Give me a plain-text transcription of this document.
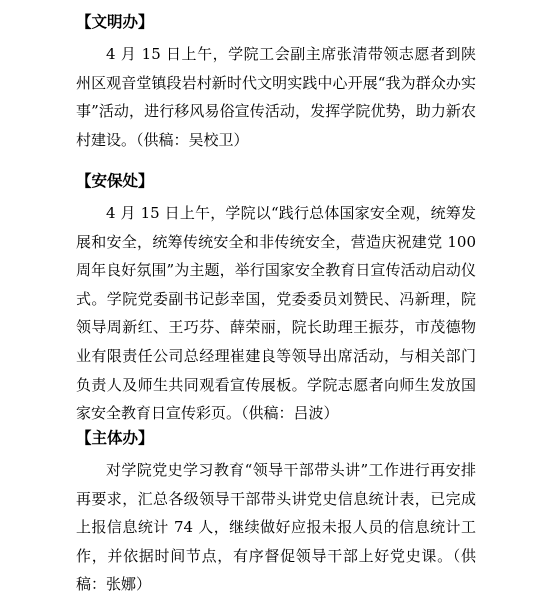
【文明办】

4 月 15 日上午，学院工会副主席张清带领志愿者到陕州区观音堂镇段岩村新时代文明实践中心开展“我为群众办实事”活动，进行移风易俗宣传活动，发挥学院优势，助力新农村建设。（供稿：吴校卫）

【安保处】

4 月 15 日上午，学院以“践行总体国家安全观，统筹发展和安全，统筹传统安全和非传统安全，营造庆祝建党 100 周年良好氛围”为主题，举行国家安全教育日宣传活动启动仪式。学院党委副书记彭幸国，党委委员刘赞民、冯新理，院领导周新红、王巧芬、薛荣丽，院长助理王振芬，市茂德物业有限责任公司总经理崔建良等领导出席活动，与相关部门负责人及师生共同观看宣传展板。学院志愿者向师生发放国家安全教育日宣传彩页。（供稿：吕波）

【主体办】

对学院党史学习教育“领导干部带头讲”工作进行再安排再要求，汇总各级领导干部带头讲党史信息统计表，已完成上报信息统计 74 人，继续做好应报未报人员的信息统计工作，并依据时间节点，有序督促领导干部上好党史课。（供稿：张娜）
